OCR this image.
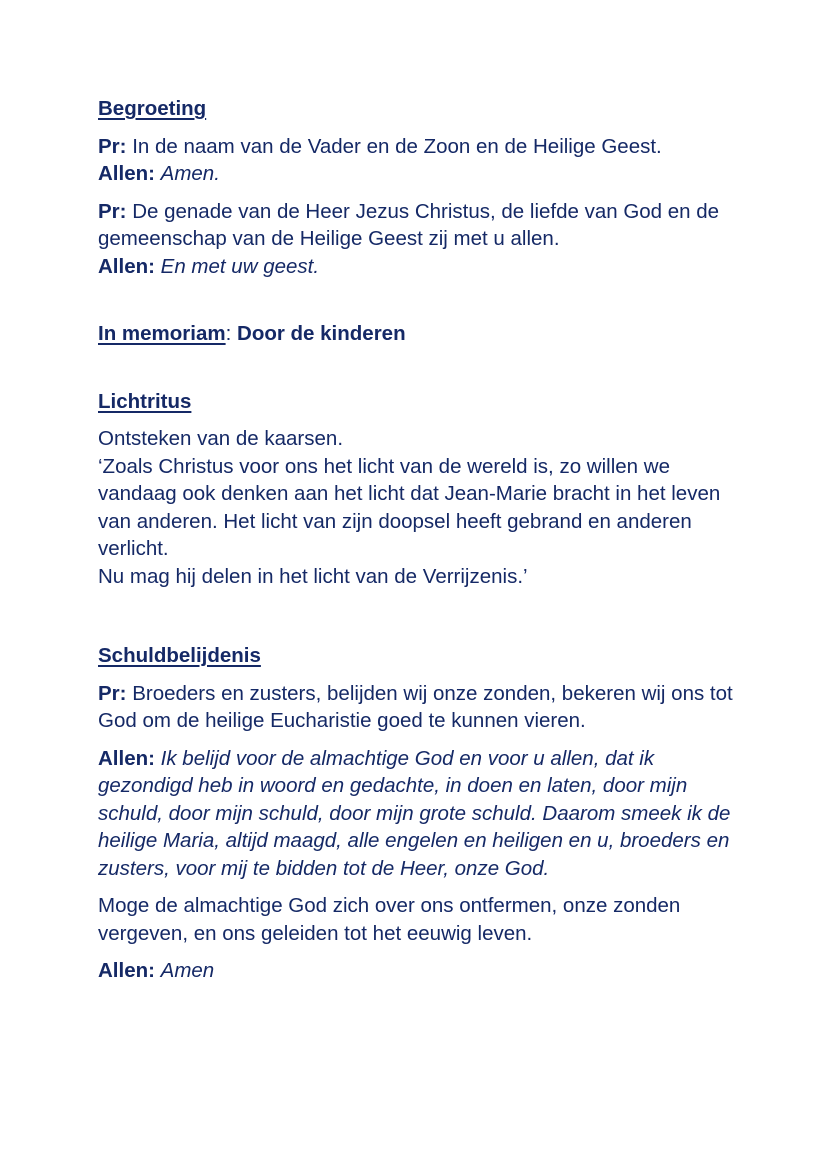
Begroeting

Pr: In de naam van de Vader en de Zoon en de Heilige Geest.
Allen: Amen.

Pr: De genade van de Heer Jezus Christus, de liefde van God en de gemeenschap van de Heilige Geest zij met u allen.
Allen: En met uw geest.

In memoriam: Door de kinderen

Lichtritus

Ontsteken van de kaarsen.
‘Zoals Christus voor ons het licht van de wereld is, zo willen we vandaag ook denken aan het licht dat Jean-Marie bracht in het leven van anderen. Het licht van zijn doopsel heeft gebrand en anderen verlicht.
Nu mag hij delen in het licht van de Verrijzenis.’

Schuldbelijdenis

Pr: Broeders en zusters, belijden wij onze zonden, bekeren wij ons tot God om de heilige Eucharistie goed te kunnen vieren.

Allen: Ik belijd voor de almachtige God en voor u allen, dat ik gezondigd heb in woord en gedachte, in doen en laten, door mijn schuld, door mijn schuld, door mijn grote schuld. Daarom smeek ik de heilige Maria, altijd maagd, alle engelen en heiligen en u, broeders en zusters, voor mij te bidden tot de Heer, onze God.

Moge de almachtige God zich over ons ontfermen, onze zonden vergeven, en ons geleiden tot het eeuwig leven.

Allen: Amen
